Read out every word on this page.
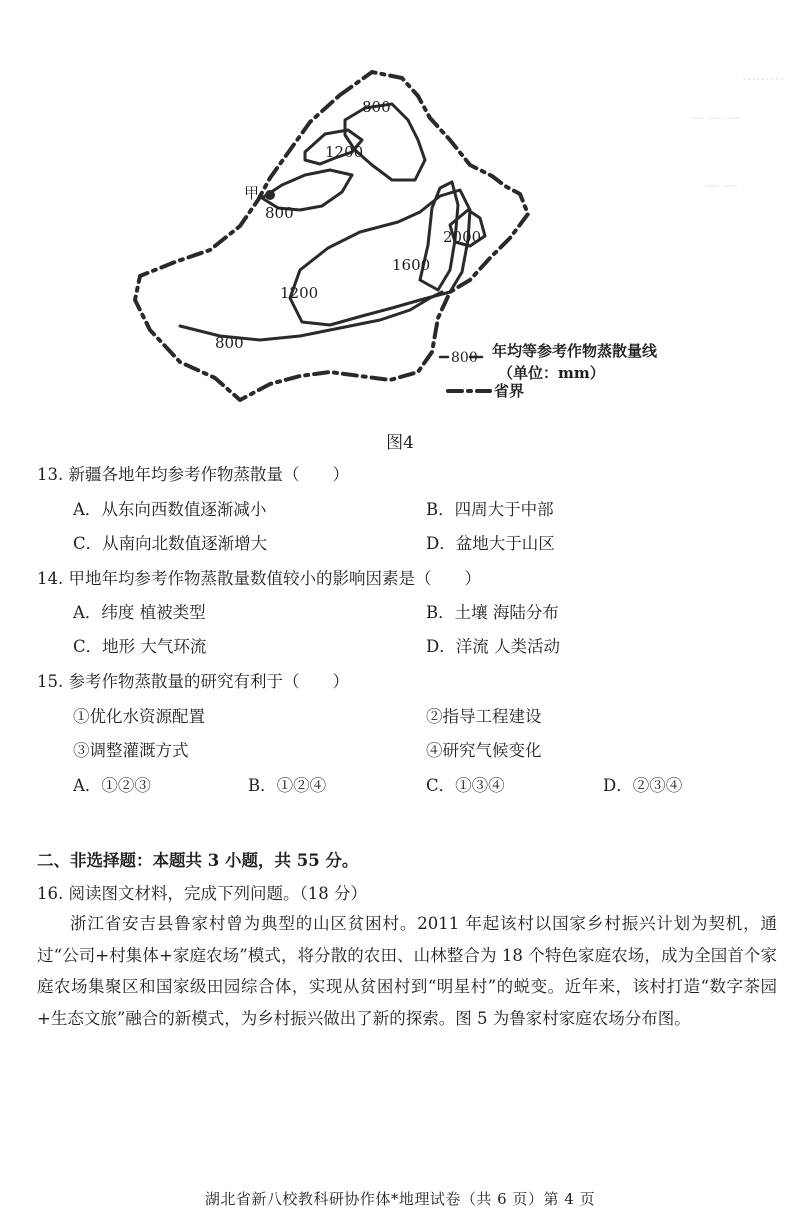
800
1200
甲
800
2000
1600
1200
800
800 年均等参考作物蒸散量线
（单位：mm）
省界
………
— — —
— —
图4
13. 新疆各地年均参考作物蒸散量（　　）
A．从东向西数值逐渐减小	B．四周大于中部
C．从南向北数值逐渐增大	D．盆地大于山区
14. 甲地年均参考作物蒸散量数值较小的影响因素是（　　）
A．纬度 植被类型	B．土壤 海陆分布
C．地形 大气环流	D．洋流 人类活动
15. 参考作物蒸散量的研究有利于（　　）
①优化水资源配置	②指导工程建设
③调整灌溉方式	④研究气候变化
A．①②③	B．①②④	C．①③④	D．②③④
二、非选择题：本题共 3 小题，共 55 分。
16. 阅读图文材料，完成下列问题。（18 分）
浙江省安吉县鲁家村曾为典型的山区贫困村。2011 年起该村以国家乡村振兴计划为契机，通过“公司+村集体+家庭农场”模式，将分散的农田、山林整合为 18 个特色家庭农场，成为全国首个家庭农场集聚区和国家级田园综合体，实现从贫困村到“明星村”的蜕变。近年来，该村打造“数字茶园+生态文旅”融合的新模式，为乡村振兴做出了新的探索。图 5 为鲁家村家庭农场分布图。
湖北省新八校教科研协作体*地理试卷（共 6 页）第 4 页
